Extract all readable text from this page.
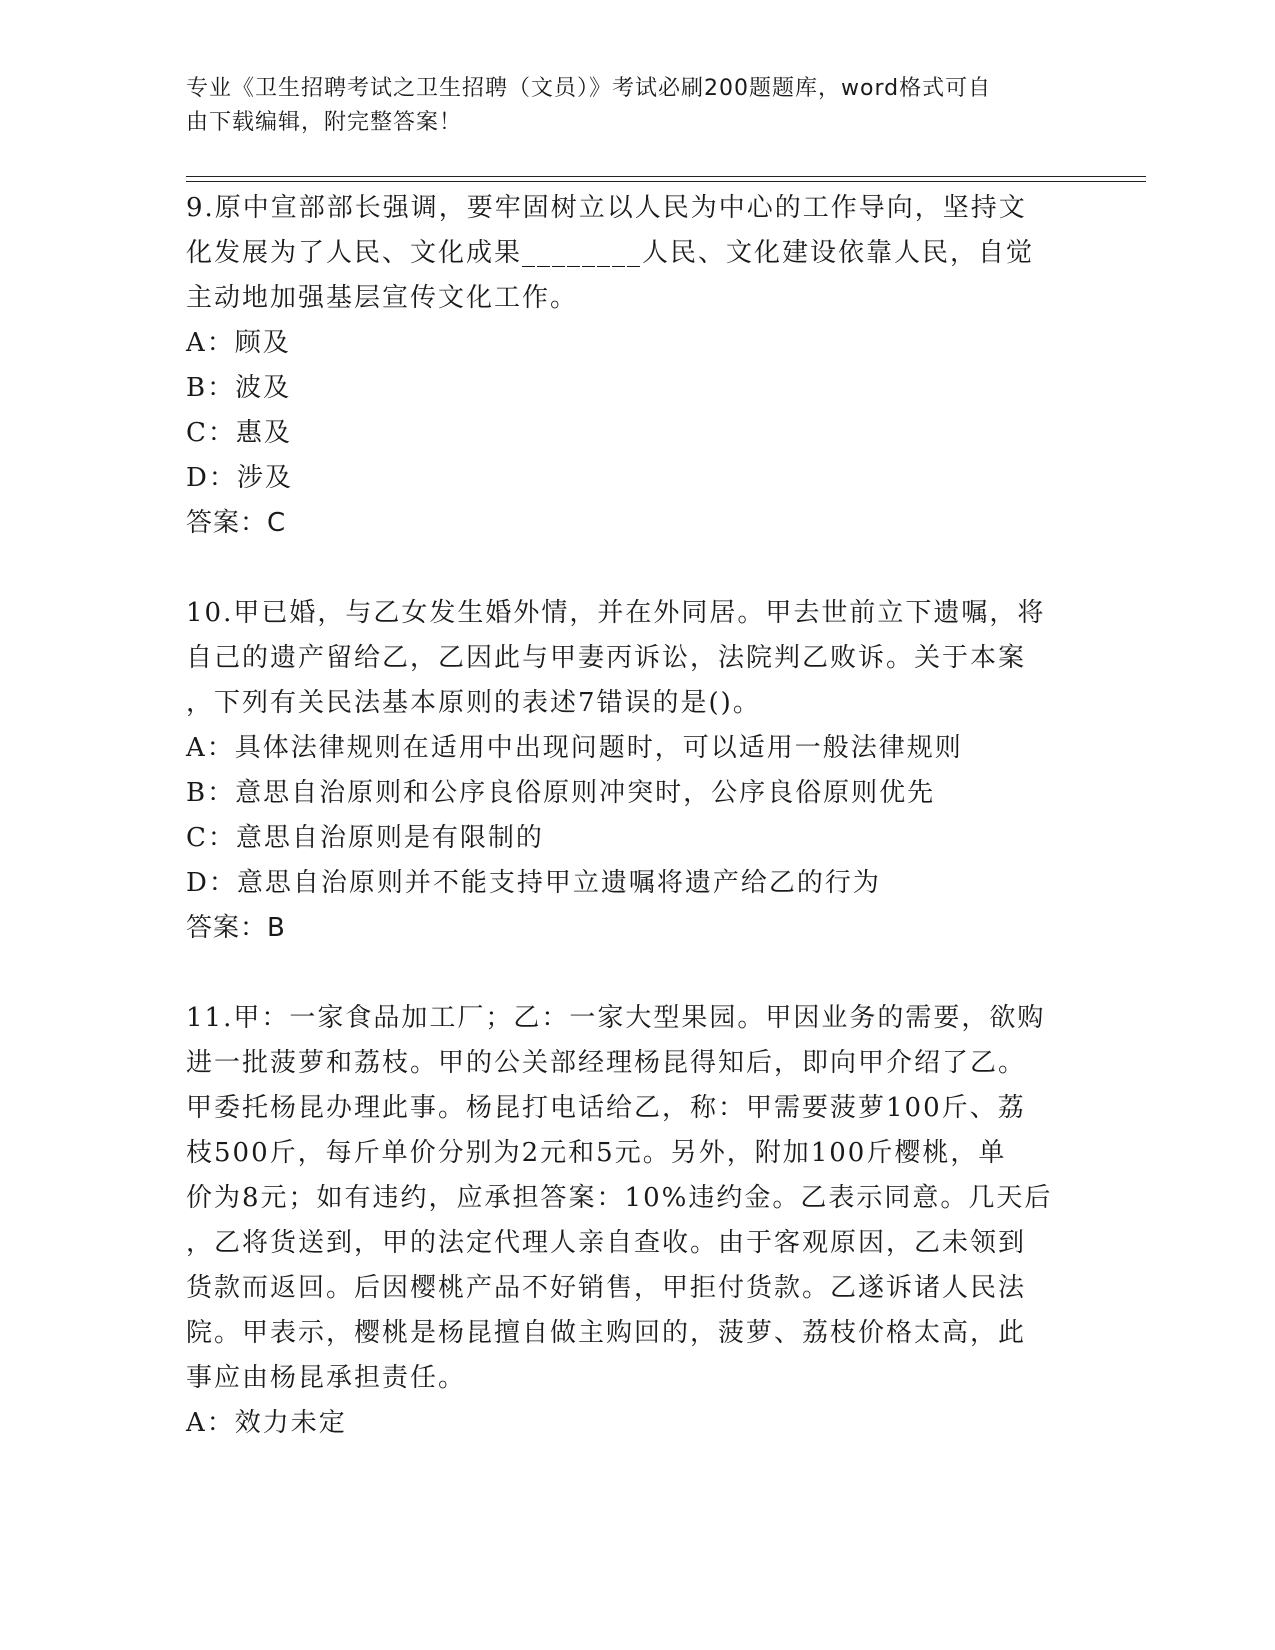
专业《卫生招聘考试之卫生招聘（文员）》考试必刷200题题库，word格式可自
由下载编辑，附完整答案！
9.原中宣部部长强调，要牢固树立以人民为中心的工作导向，坚持文
化发展为了人民、文化成果________人民、文化建设依靠人民，自觉
主动地加强基层宣传文化工作。
A：顾及
B：波及
C：惠及
D：涉及
答案：C
10.甲已婚，与乙女发生婚外情，并在外同居。甲去世前立下遗嘱，将
自己的遗产留给乙，乙因此与甲妻丙诉讼，法院判乙败诉。关于本案
，下列有关民法基本原则的表述7错误的是()。
A：具体法律规则在适用中出现问题时，可以适用一般法律规则
B：意思自治原则和公序良俗原则冲突时，公序良俗原则优先
C：意思自治原则是有限制的
D：意思自治原则并不能支持甲立遗嘱将遗产给乙的行为
答案：B
11.甲：一家食品加工厂；乙：一家大型果园。甲因业务的需要，欲购
进一批菠萝和荔枝。甲的公关部经理杨昆得知后，即向甲介绍了乙。
甲委托杨昆办理此事。杨昆打电话给乙，称：甲需要菠萝100斤、荔
枝500斤，每斤单价分别为2元和5元。另外，附加100斤樱桃，单
价为8元；如有违约，应承担答案：10%违约金。乙表示同意。几天后
，乙将货送到，甲的法定代理人亲自查收。由于客观原因，乙未领到
货款而返回。后因樱桃产品不好销售，甲拒付货款。乙遂诉诸人民法
院。甲表示，樱桃是杨昆擅自做主购回的，菠萝、荔枝价格太高，此
事应由杨昆承担责任。
A：效力未定
